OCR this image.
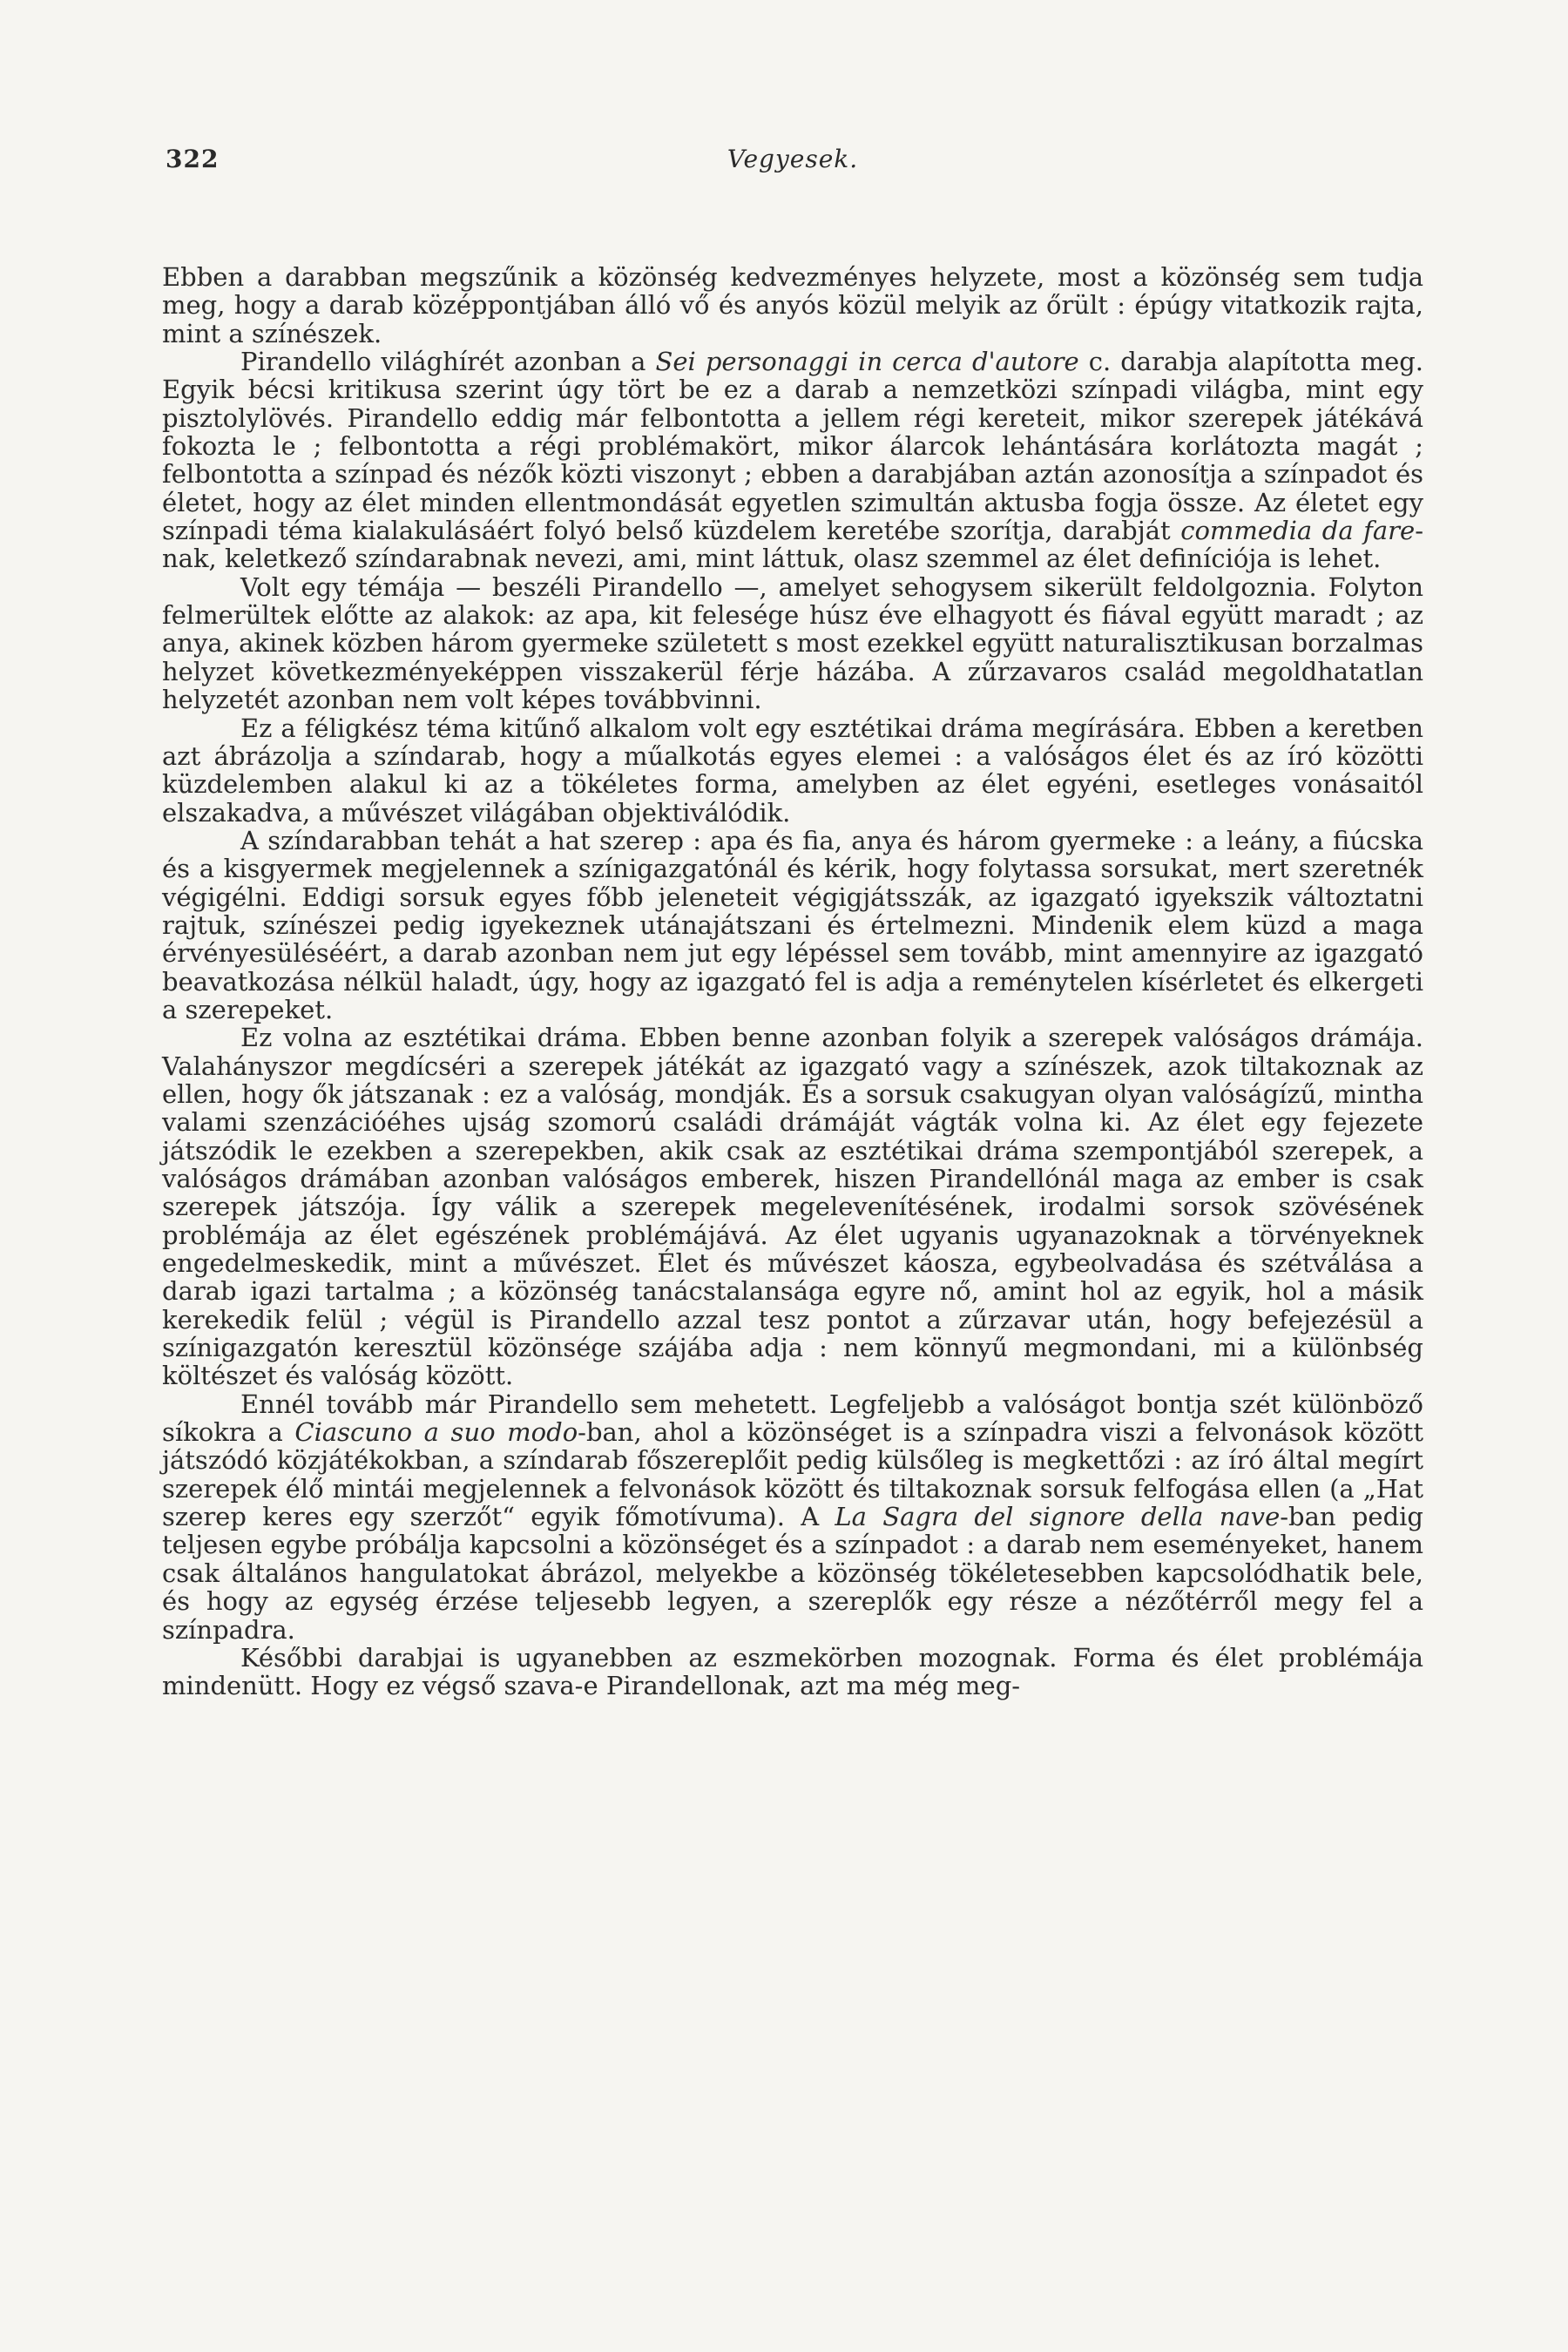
322	Vegyesek.

Ebben a darabban megszűnik a közönség kedvezményes helyzete, most a közönség sem tudja meg, hogy a darab középpontjában álló vő és anyós közül melyik az őrült : épúgy vitatkozik rajta, mint a színészek.

Pirandello világhírét azonban a Sei personaggi in cerca d'autore c. darabja alapította meg. Egyik bécsi kritikusa szerint úgy tört be ez a darab a nemzetközi színpadi világba, mint egy pisztolylövés. Pirandello eddig már felbontotta a jellem régi kereteit, mikor szerepek játékává fokozta le ; felbontotta a régi problémakört, mikor álarcok lehántására korlátozta magát ; felbontotta a színpad és nézők közti viszonyt ; ebben a darabjában aztán azonosítja a színpadot és életet, hogy az élet minden ellentmondását egyetlen szimultán aktusba fogja össze. Az életet egy színpadi téma kialakulásáért folyó belső küzdelem keretébe szorítja, darabját commedia da fare-nak, keletkező színdarabnak nevezi, ami, mint láttuk, olasz szemmel az élet definíciója is lehet.

Volt egy témája — beszéli Pirandello —, amelyet sehogysem sikerült feldolgoznia. Folyton felmerültek előtte az alakok: az apa, kit felesége húsz éve elhagyott és fiával együtt maradt ; az anya, akinek közben három gyermeke született s most ezekkel együtt naturalisztikusan borzalmas helyzet következményeképpen visszakerül férje házába. A zűrzavaros család megoldhatatlan helyzetét azonban nem volt képes továbbvinni.

Ez a féligkész téma kitűnő alkalom volt egy esztétikai dráma megírására. Ebben a keretben azt ábrázolja a színdarab, hogy a műalkotás egyes elemei : a valóságos élet és az író közötti küzdelemben alakul ki az a tökéletes forma, amelyben az élet egyéni, esetleges vonásaitól elszakadva, a művészet világában objektiválódik.

A színdarabban tehát a hat szerep : apa és fia, anya és három gyermeke : a leány, a fiúcska és a kisgyermek megjelennek a színigazgatónál és kérik, hogy folytassa sorsukat, mert szeretnék végigélni. Eddigi sorsuk egyes főbb jeleneteit végigjátsszák, az igazgató igyekszik változtatni rajtuk, színészei pedig igyekeznek utánajátszani és értelmezni. Mindenik elem küzd a maga érvényesüléséért, a darab azonban nem jut egy lépéssel sem tovább, mint amennyire az igazgató beavatkozása nélkül haladt, úgy, hogy az igazgató fel is adja a reménytelen kísérletet és elkergeti a szerepeket.

Ez volna az esztétikai dráma. Ebben benne azonban folyik a szerepek valóságos drámája. Valahányszor megdícséri a szerepek játékát az igazgató vagy a színészek, azok tiltakoznak az ellen, hogy ők játszanak : ez a valóság, mondják. És a sorsuk csakugyan olyan valóságízű, mintha valami szenzációéhes ujság szomorú családi drámáját vágták volna ki. Az élet egy fejezete játszódik le ezekben a szerepekben, akik csak az esztétikai dráma szempontjából szerepek, a valóságos drámában azonban valóságos emberek, hiszen Pirandellónál maga az ember is csak szerepek játszója. Így válik a szerepek megelevenítésének, irodalmi sorsok szövésének problémája az élet egészének problémájává. Az élet ugyanis ugyanazoknak a törvényeknek engedelmeskedik, mint a művészet. Élet és művészet káosza, egybeolvadása és szétválása a darab igazi tartalma ; a közönség tanácstalansága egyre nő, amint hol az egyik, hol a másik kerekedik felül ; végül is Pirandello azzal tesz pontot a zűrzavar után, hogy befejezésül a színigazgatón keresztül közönsége szájába adja : nem könnyű megmondani, mi a különbség költészet és valóság között.

Ennél tovább már Pirandello sem mehetett. Legfeljebb a valóságot bontja szét különböző síkokra a Ciascuno a suo modo-ban, ahol a közönséget is a színpadra viszi a felvonások között játszódó közjátékokban, a színdarab főszereplőit pedig külsőleg is megkettőzi : az író által megírt szerepek élő mintái megjelennek a felvonások között és tiltakoznak sorsuk felfogása ellen (a „Hat szerep keres egy szerzőt“ egyik főmotívuma). A La Sagra del signore della nave-ban pedig teljesen egybe próbálja kapcsolni a közönséget és a színpadot : a darab nem eseményeket, hanem csak általános hangulatokat ábrázol, melyekbe a közönség tökéletesebben kapcsolódhatik bele, és hogy az egység érzése teljesebb legyen, a szereplők egy része a nézőtérről megy fel a színpadra.

Későbbi darabjai is ugyanebben az eszmekörben mozognak. Forma és élet problémája mindenütt. Hogy ez végső szava-e Pirandellonak, azt ma még meg-
